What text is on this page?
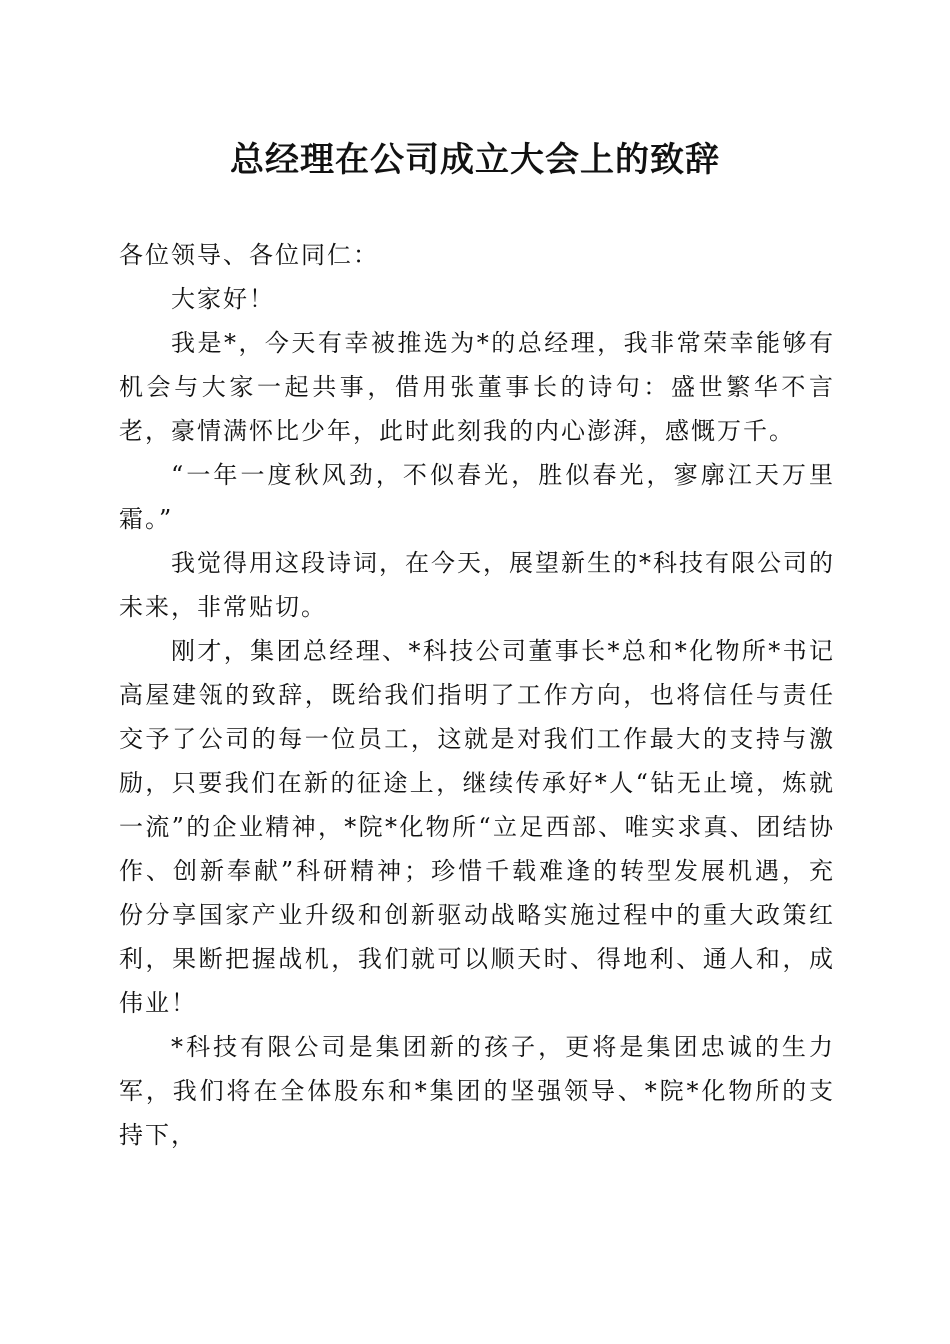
总经理在公司成立大会上的致辞

各位领导、各位同仁：

大家好！

我是*，今天有幸被推选为*的总经理，我非常荣幸能够有机会与大家一起共事，借用张董事长的诗句：盛世繁华不言老，豪情满怀比少年，此时此刻我的内心澎湃，感慨万千。

“一年一度秋风劲，不似春光，胜似春光，寥廓江天万里霜。”

我觉得用这段诗词，在今天，展望新生的*科技有限公司的未来，非常贴切。

刚才，集团总经理、*科技公司董事长*总和*化物所*书记高屋建瓴的致辞，既给我们指明了工作方向，也将信任与责任交予了公司的每一位员工，这就是对我们工作最大的支持与激励，只要我们在新的征途上，继续传承好*人“钻无止境，炼就一流”的企业精神，*院*化物所“立足西部、唯实求真、团结协作、创新奉献”科研精神；珍惜千载难逢的转型发展机遇，充份分享国家产业升级和创新驱动战略实施过程中的重大政策红利，果断把握战机，我们就可以顺天时、得地利、通人和，成伟业！

*科技有限公司是集团新的孩子，更将是集团忠诚的生力军，我们将在全体股东和*集团的坚强领导、*院*化物所的支持下，
